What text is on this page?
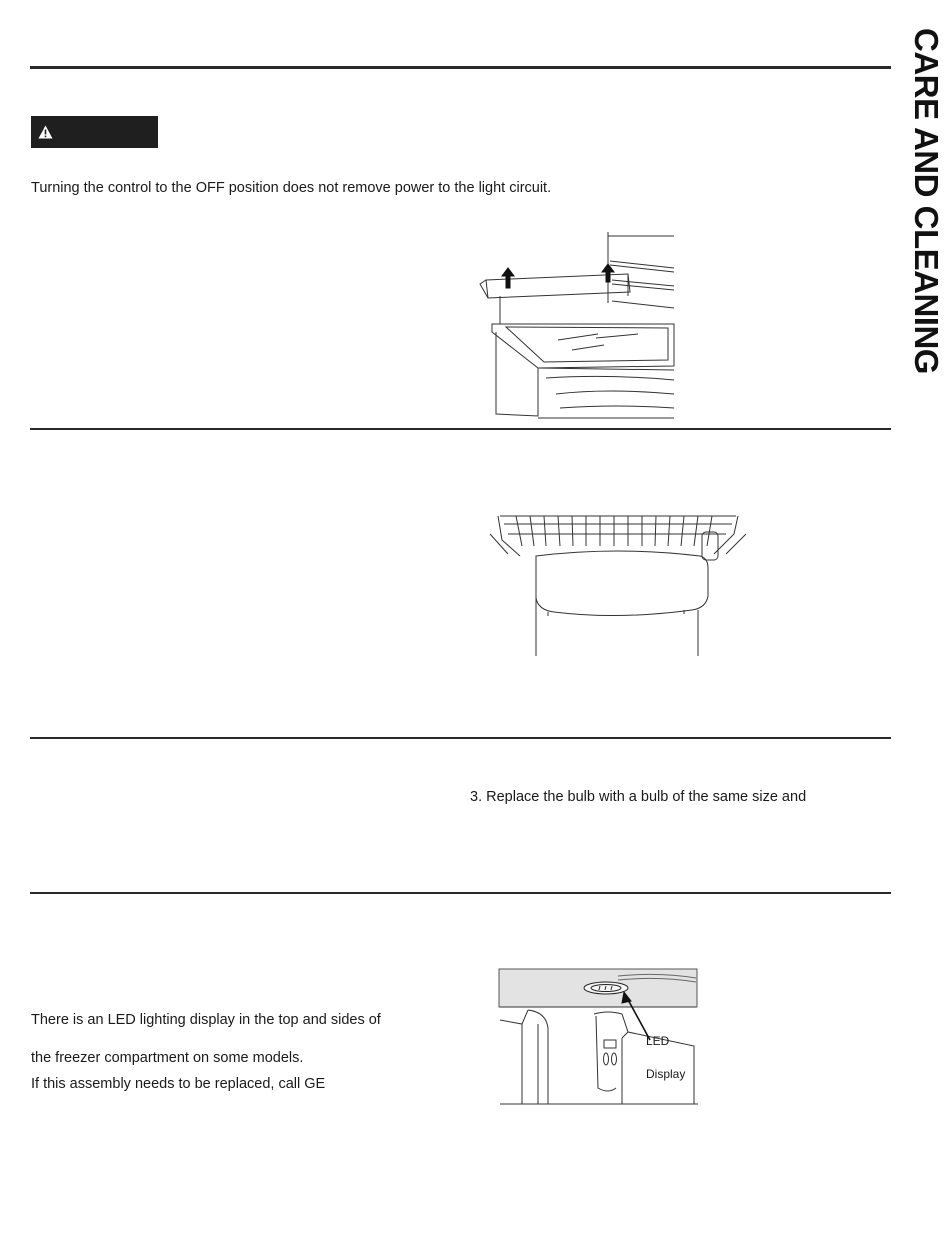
CARE AND CLEANING
Turning the control to the OFF position does not remove power to the light circuit.
3. Replace the bulb with a bulb of the same size and
There is an LED lighting display in the top and sides of
the freezer compartment on some models.
If this assembly needs to be replaced, call GE
LED
Display
